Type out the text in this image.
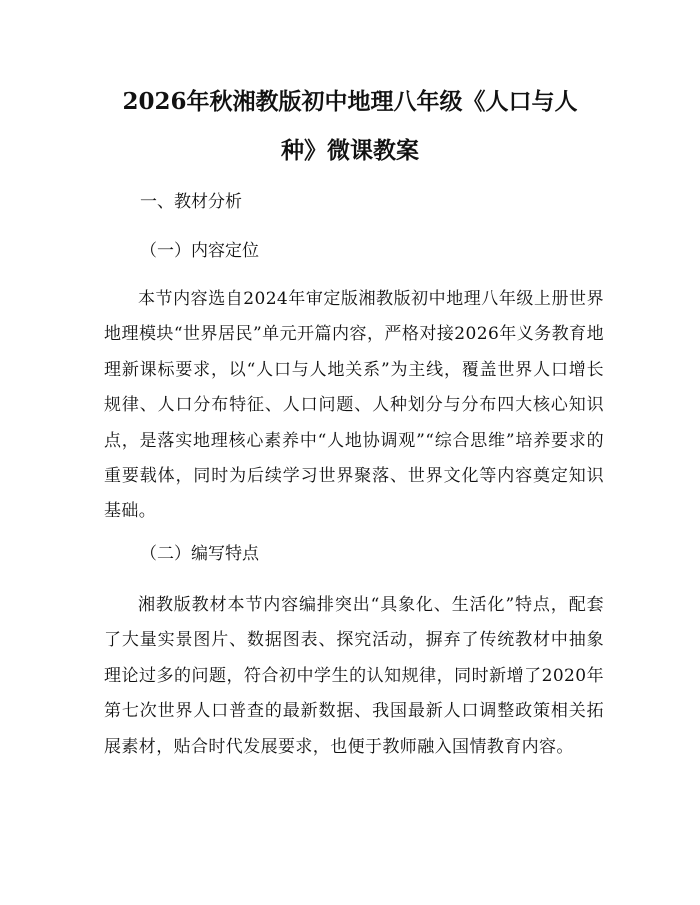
2026年秋湘教版初中地理八年级《人口与人
种》微课教案
一、教材分析
（一）内容定位

本节内容选自2024年审定版湘教版初中地理八年级上册世界地理模块“世界居民”单元开篇内容，严格对接2026年义务教育地理新课标要求，以“人口与人地关系”为主线，覆盖世界人口增长规律、人口分布特征、人口问题、人种划分与分布四大核心知识点，是落实地理核心素养中“人地协调观”“综合思维”培养要求的重要载体，同时为后续学习世界聚落、世界文化等内容奠定知识基础。

（二）编写特点

湘教版教材本节内容编排突出“具象化、生活化”特点，配套了大量实景图片、数据图表、探究活动，摒弃了传统教材中抽象理论过多的问题，符合初中学生的认知规律，同时新增了2020年第七次世界人口普查的最新数据、我国最新人口调整政策相关拓展素材，贴合时代发展要求，也便于教师融入国情教育内容。
